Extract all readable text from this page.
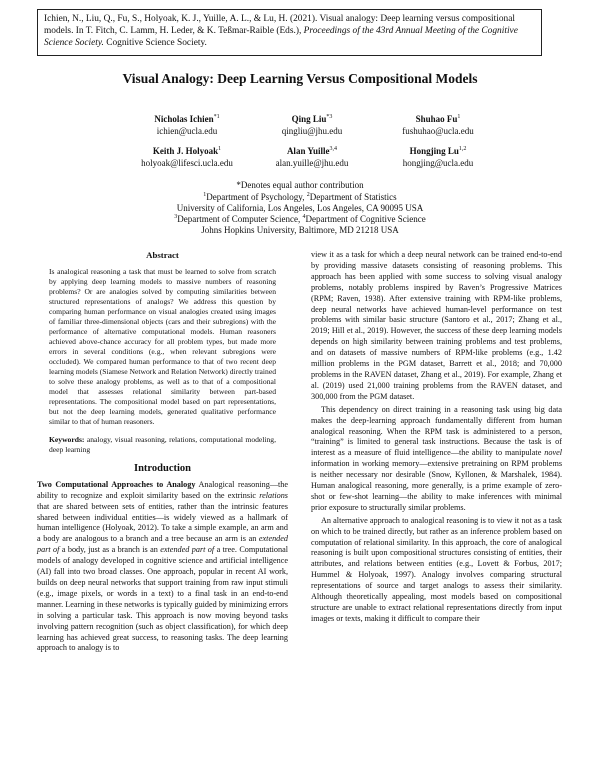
Ichien, N., Liu, Q., Fu, S., Holyoak, K. J., Yuille, A. L., & Lu, H. (2021). Visual analogy: Deep learning versus compositional models. In T. Fitch, C. Lamm, H. Leder, & K. Teßmar-Raible (Eds.), Proceedings of the 43rd Annual Meeting of the Cognitive Science Society. Cognitive Science Society.
Visual Analogy: Deep Learning Versus Compositional Models
Nicholas Ichien$^{*1}$
ichien@ucla.edu
Qing Liu$^{*3}$
qingliu@jhu.edu
Shuhao Fu$^1$
fushuhao@ucla.edu
Keith J. Holyoak$^1$
holyoak@lifesci.ucla.edu
Alan Yuille$^{3,4}$
alan.yuille@jhu.edu
Hongjing Lu$^{1,2}$
hongjing@ucla.edu
*Denotes equal author contribution
$^1$Department of Psychology, $^2$Department of Statistics
University of California, Los Angeles, Los Angeles, CA 90095 USA
$^3$Department of Computer Science, $^4$Department of Cognitive Science
Johns Hopkins University, Baltimore, MD 21218 USA
Abstract
Is analogical reasoning a task that must be learned to solve from scratch by applying deep learning models to massive numbers of reasoning problems? Or are analogies solved by computing similarities between structured representations of analogs? We address this question by comparing human performance on visual analogies created using images of familiar three-dimensional objects (cars and their subregions) with the performance of alternative computational models. Human reasoners achieved above-chance accuracy for all problem types, but made more errors in several conditions (e.g., when relevant subregions were occluded). We compared human performance to that of two recent deep learning models (Siamese Network and Relation Network) directly trained to solve these analogy problems, as well as to that of a compositional model that assesses relational similarity between part-based representations. The compositional model based on part representations, but not the deep learning models, generated qualitative performance similar to that of human reasoners.
Keywords: analogy, visual reasoning, relations, computational modeling, deep learning
Introduction

Two Computational Approaches to Analogy Analogical reasoning—the ability to recognize and exploit similarity based on the extrinsic relations that are shared between sets of entities, rather than the intrinsic features shared between individual entities—is widely viewed as a hallmark of human intelligence (Holyoak, 2012). To take a simple example, an arm and a body are analogous to a branch and a tree because an arm is an extended part of a body, just as a branch is an extended part of a tree. Computational models of analogy developed in cognitive science and artificial intelligence (AI) fall into two broad classes. One approach, popular in recent AI work, builds on deep neural networks that support training from raw input stimuli (e.g., image pixels, or words in a text) to a final task in an end-to-end manner. Learning in these networks is typically guided by minimizing errors in solving a particular task. This approach is now moving beyond tasks involving pattern recognition (such as object classification), for which deep learning has achieved great success, to reasoning tasks. The deep learning approach to analogy is to

view it as a task for which a deep neural network can be trained end-to-end by providing massive datasets consisting of reasoning problems. This approach has been applied with some success to solving visual analogy problems, notably problems inspired by Raven’s Progressive Matrices (RPM; Raven, 1938). After extensive training with RPM-like problems, deep neural networks have achieved human-level performance on test problems with similar basic structure (Santoro et al., 2017; Zhang et al., 2019; Hill et al., 2019). However, the success of these deep learning models depends on high similarity between training problems and test problems, and on datasets of massive numbers of RPM-like problems (e.g., 1.42 million problems in the PGM dataset, Barrett et al., 2018; and 70,000 problems in the RAVEN dataset, Zhang et al., 2019). For example, Zhang et al. (2019) used 21,000 training problems from the RAVEN dataset, and 300,000 from the PGM dataset.

This dependency on direct training in a reasoning task using big data makes the deep-learning approach fundamentally different from human analogical reasoning. When the RPM task is administered to a person, “training” is limited to general task instructions. Because the task is of interest as a measure of fluid intelligence—the ability to manipulate novel information in working memory—extensive pretraining on RPM problems is neither necessary nor desirable (Snow, Kyllonen, & Marshalek, 1984). Human analogical reasoning, more generally, is a prime example of zero-shot or few-shot learning—the ability to make inferences with minimal prior exposure to structurally similar problems.

An alternative approach to analogical reasoning is to view it not as a task on which to be trained directly, but rather as an inference problem based on computation of relational similarity. In this approach, the core of analogical reasoning is built upon compositional structures consisting of entities, their attributes, and relations between entities (e.g., Lovett & Forbus, 2017; Hummel & Holyoak, 1997). Analogy involves comparing structural representations of source and target analogs to assess their similarity. Although theoretically appealing, most models based on compositional structure are unable to extract relational representations directly from input images or texts, making it difficult to compare their
